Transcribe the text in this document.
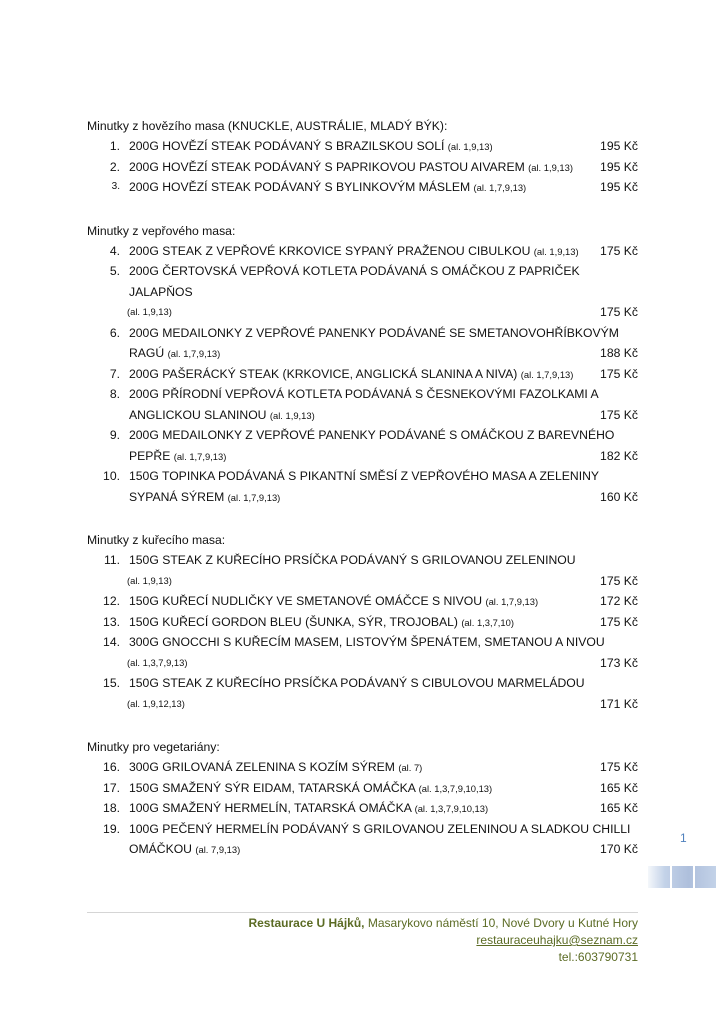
Minutky z hovězího masa (KNUCKLE, AUSTRÁLIE, MLADÝ BÝK):
1. 200G HOVĚZÍ STEAK PODÁVANÝ S BRAZILSKOU SOLÍ (al. 1,9,13)	195 Kč
2. 200G HOVĚZÍ STEAK PODÁVANÝ S PAPRIKOVOU PASTOU AIVAREM (al. 1,9,13) 195 Kč
3. 200G HOVĚZÍ STEAK PODÁVANÝ S BYLINKOVÝM MÁSLEM (al. 1,7,9,13)	195 Kč
Minutky z vepřového masa:
4. 200G STEAK Z VEPŘOVÉ KRKOVICE SYPANÝ PRAŽENOU CIBULKOU (al. 1,9,13) 175 Kč
5. 200G ČERTOVSKÁ VEPŘOVÁ KOTLETA PODÁVANÁ S OMÁČKOU Z PAPRIČEK
JALAPŇOS
(al. 1,9,13)	175 Kč
6. 200G MEDAILONKY Z VEPŘOVÉ PANENKY PODÁVANÉ SE SMETANOVOHŘÍBKOVÝM
RAGÚ (al. 1,7,9,13)	188 Kč
7. 200G PAŠERÁCKÝ STEAK (KRKOVICE, ANGLICKÁ SLANINA A NIVA) (al. 1,7,9,13) 175 Kč
8. 200G PŘÍRODNÍ VEPŘOVÁ KOTLETA PODÁVANÁ S ČESNEKOVÝMI FAZOLKAMI A
ANGLICKOU SLANINOU (al. 1,9,13)	175 Kč
9. 200G MEDAILONKY Z VEPŘOVÉ PANENKY PODÁVANÉ S OMÁČKOU Z BAREVNÉHO
PEPŘE (al. 1,7,9,13)	182 Kč
10. 150G TOPINKA PODÁVANÁ S PIKANTNÍ SMĚSÍ Z VEPŘOVÉHO MASA A ZELENINY
SYPANÁ SÝREM (al. 1,7,9,13)	160 Kč
Minutky z kuřecího masa:
11. 150G STEAK Z KUŘECÍHO PRSÍČKA PODÁVANÝ S GRILOVANOU ZELENINOU
(al. 1,9,13)	175 Kč
12. 150G KUŘECÍ NUDLIČKY VE SMETANOVÉ OMÁČCE S NIVOU (al. 1,7,9,13)	172 Kč
13. 150G KUŘECÍ GORDON BLEU (ŠUNKA, SÝR, TROJOBAL) (al. 1,3,7,10)	175 Kč
14. 300G GNOCCHI S KUŘECÍM MASEM, LISTOVÝM ŠPENÁTEM, SMETANOU A NIVOU
(al. 1,3,7,9,13)	173 Kč
15. 150G STEAK Z KUŘECÍHO PRSÍČKA PODÁVANÝ S CIBULOVOU MARMELÁDOU
(al. 1,9,12,13)	171 Kč
Minutky pro vegetariány:
16. 300G GRILOVANÁ ZELENINA S KOZÍM SÝREM (al. 7)	175 Kč
17. 150G SMAŽENÝ SÝR EIDAM, TATARSKÁ OMÁČKA (al. 1,3,7,9,10,13)	165 Kč
18. 100G SMAŽENÝ HERMELÍN, TATARSKÁ OMÁČKA (al. 1,3,7,9,10,13)	165 Kč
19. 100G PEČENÝ HERMELÍN PODÁVANÝ S GRILOVANOU ZELENINOU A SLADKOU CHILLI
OMÁČKOU (al. 7,9,13)	170 Kč
1
Restaurace U Hájků, Masarykovo náměstí 10, Nové Dvory u Kutné Hory
restauraceuhajku@seznam.cz
tel.:603790731
